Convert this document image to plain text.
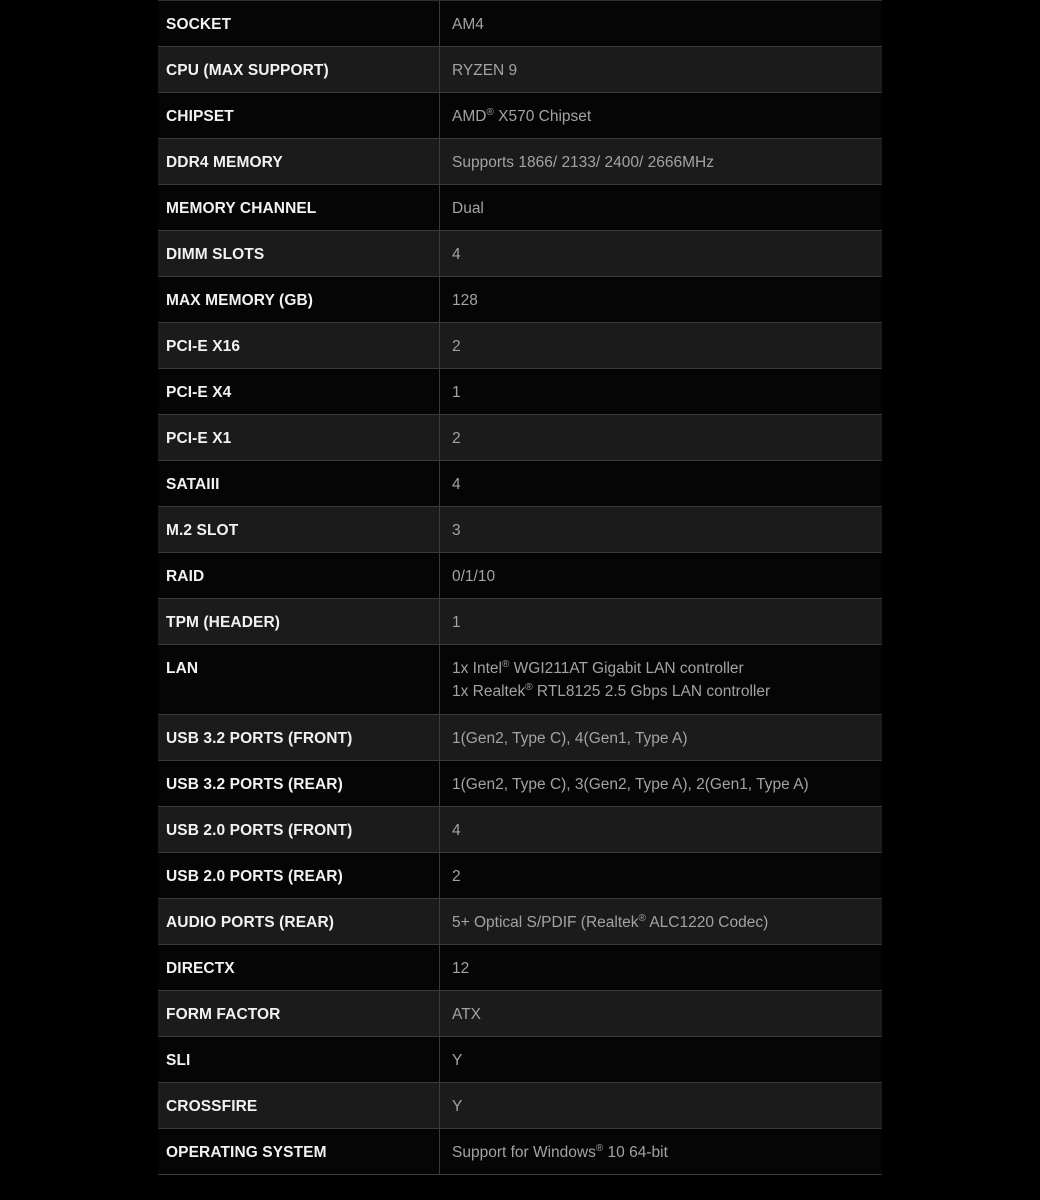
SOCKET	AM4
CPU (MAX SUPPORT)	RYZEN 9
CHIPSET	AMD® X570 Chipset
DDR4 MEMORY	Supports 1866/ 2133/ 2400/ 2666MHz
MEMORY CHANNEL	Dual
DIMM SLOTS	4
MAX MEMORY (GB)	128
PCI-E X16	2
PCI-E X4	1
PCI-E X1	2
SATAIII	4
M.2 SLOT	3
RAID	0/1/10
TPM (HEADER)	1
LAN	1x Intel® WGI211AT Gigabit LAN controller
1x Realtek® RTL8125 2.5 Gbps LAN controller
USB 3.2 PORTS (FRONT)	1(Gen2, Type C), 4(Gen1, Type A)
USB 3.2 PORTS (REAR)	1(Gen2, Type C), 3(Gen2, Type A), 2(Gen1, Type A)
USB 2.0 PORTS (FRONT)	4
USB 2.0 PORTS (REAR)	2
AUDIO PORTS (REAR)	5+ Optical S/PDIF (Realtek® ALC1220 Codec)
DIRECTX	12
FORM FACTOR	ATX
SLI	Y
CROSSFIRE	Y
OPERATING SYSTEM	Support for Windows® 10 64-bit
